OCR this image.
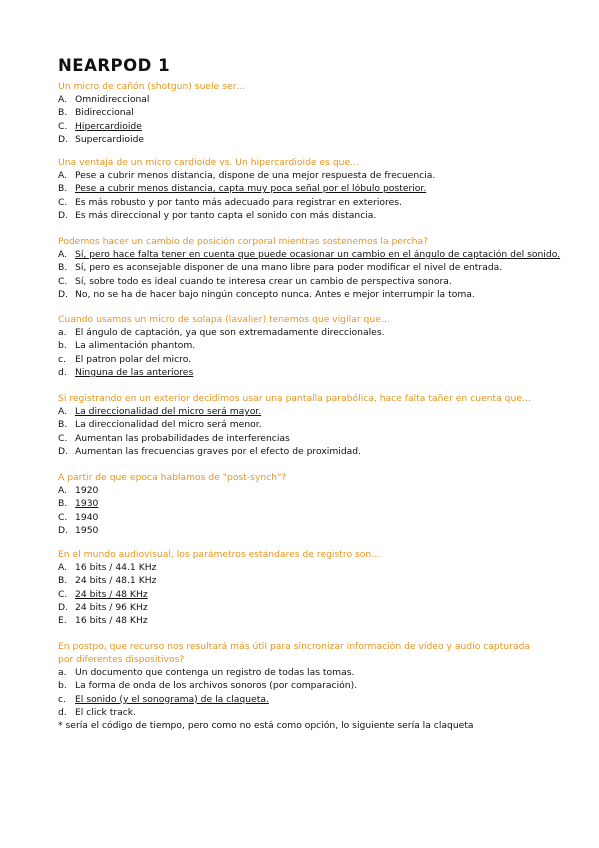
NEARPOD 1
Un micro de cañón (shotgun) suele ser…
A. Omnidireccional
B. Bidireccional
C. Hipercardioide
D. Supercardioide
Una ventaja de un micro cardioide vs. Un hipercardioide es que…
A. Pese a cubrir menos distancia, dispone de una mejor respuesta de frecuencia.
B. Pese a cubrir menos distancia, capta muy poca señal por el lóbulo posterior.
C. Es más robusto y por tanto más adecuado para registrar en exteriores.
D. Es más direccional y por tanto capta el sonido con más distancia.
Podemos hacer un cambio de posición corporal mientras sostenemos la percha?
A. Sí, pero hace falta tener en cuenta que puede ocasionar un cambio en el ángulo de captación del sonido.
B. Sí, pero es aconsejable disponer de una mano libre para poder modificar el nivel de entrada.
C. Sí, sobre todo es ideal cuando te interesa crear un cambio de perspectiva sonora.
D. No, no se ha de hacer bajo ningún concepto nunca. Antes e mejor interrumpir la toma.
Cuando usamos un micro de solapa (lavalier) tenemos que vigilar que…
a. El ángulo de captación, ya que son extremadamente direccionales.
b. La alimentación phantom.
c. El patron polar del micro.
d. Ninguna de las anteriores
Si registrando en un exterior decidimos usar una pantalla parabólica, hace falta tañer en cuenta que…
A. La direccionalidad del micro será mayor.
B. La direccionalidad del micro será menor.
C. Aumentan las probabilidades de interferencias
D. Aumentan las frecuencias graves por el efecto de proximidad.
A partir de que epoca hablamos de "post-synch"?
A. 1920
B. 1930
C. 1940
D. 1950
En el mundo audiovisual, los parámetros estándares de registro son…
A. 16 bits / 44.1 KHz
B. 24 bits / 48.1 KHz
C. 24 bits / 48 KHz
D. 24 bits / 96 KHz
E. 16 bits / 48 KHz
En postpo, que recurso nos resultará más útil para sincronizar información de vídeo y audio capturada por diferentes dispositivos?
a. Un documento que contenga un registro de todas las tomas.
b. La forma de onda de los archivos sonoros (por comparación).
c. El sonido (y el sonograma) de la claqueta.
d. El click track.
* sería el código de tiempo, pero como no está como opción, lo siguiente sería la claqueta
